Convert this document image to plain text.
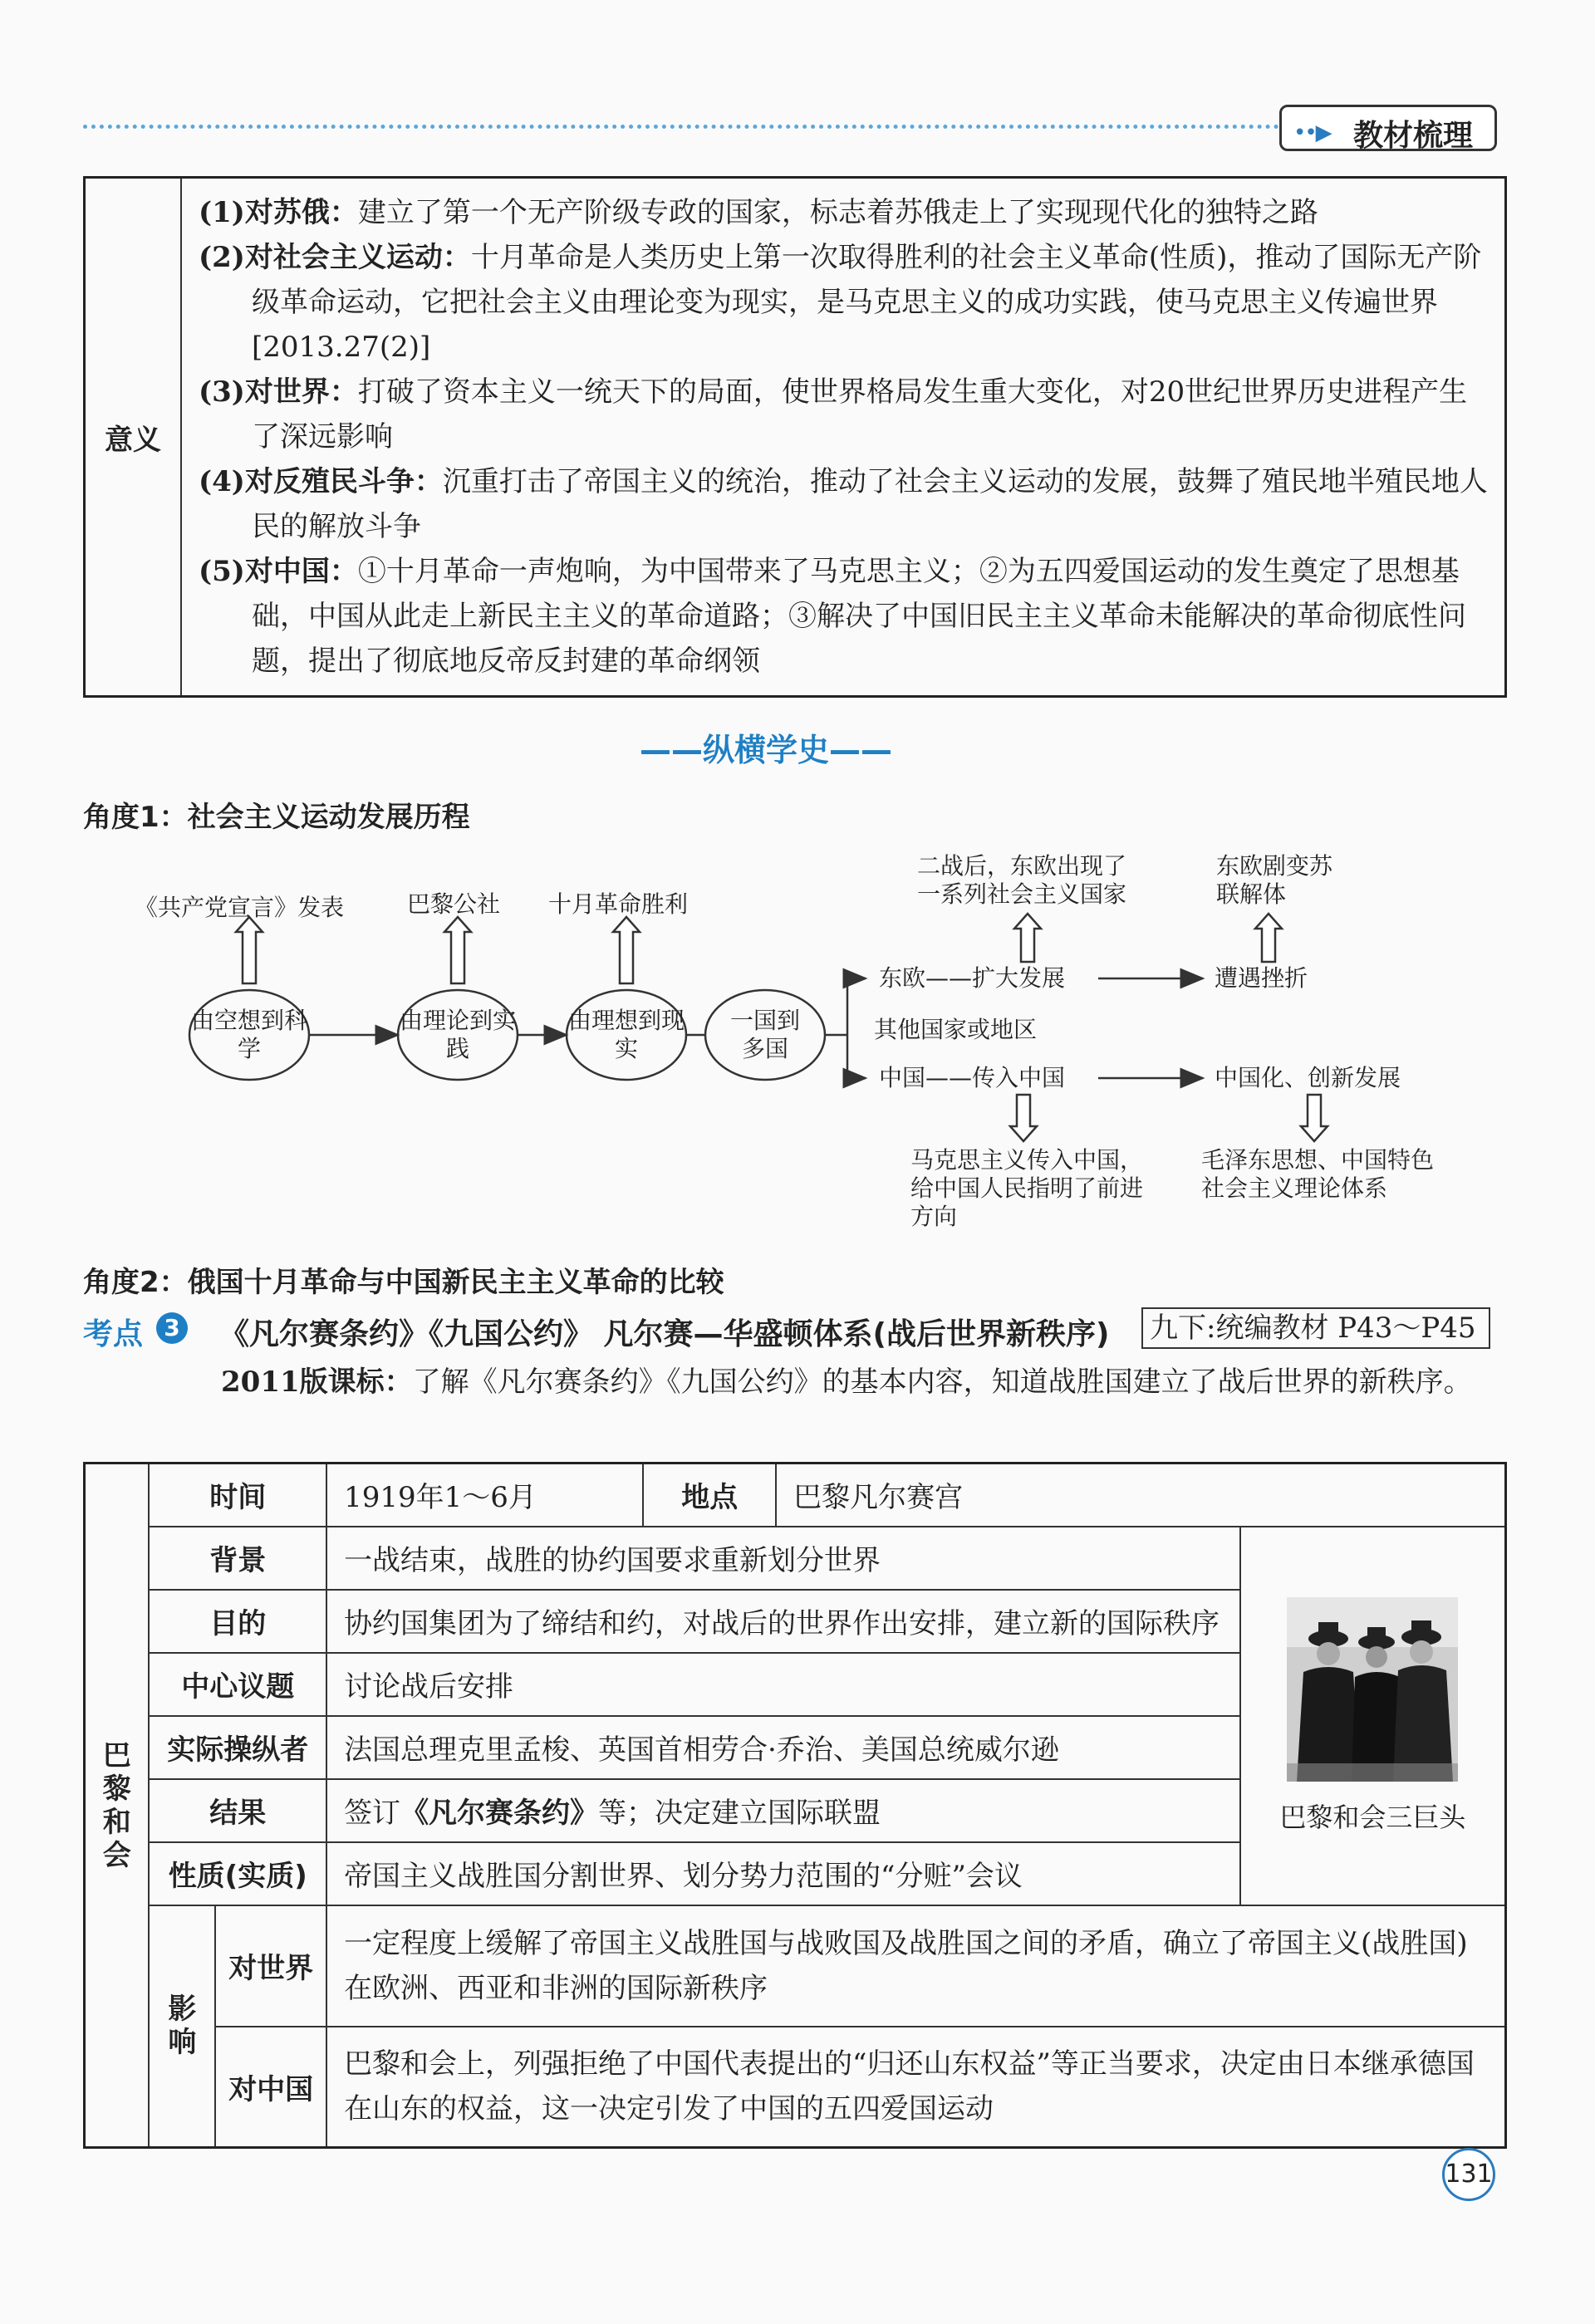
••▶ 教材梳理
意义	
(1)对苏俄：建立了第一个无产阶级专政的国家，标志着苏俄走上了实现现代化的独特之路
(2)对社会主义运动：十月革命是人类历史上第一次取得胜利的社会主义革命(性质)，推动了国际无产阶级革命运动，它把社会主义由理论变为现实，是马克思主义的成功实践，使马克思主义传遍世界[2013.27(2)]
(3)对世界：打破了资本主义一统天下的局面，使世界格局发生重大变化，对20世纪世界历史进程产生了深远影响
(4)对反殖民斗争：沉重打击了帝国主义的统治，推动了社会主义运动的发展，鼓舞了殖民地半殖民地人民的解放斗争
(5)对中国：①十月革命一声炮响，为中国带来了马克思主义；②为五四爱国运动的发生奠定了思想基础，中国从此走上新民主主义的革命道路；③解决了中国旧民主主义革命未能解决的革命彻底性问题，提出了彻底地反帝反封建的革命纲领
——纵横学史——
角度1：社会主义运动发展历程
由空想到科学
由理论到实践
由理想到现实
一国到多国
《共产党宣言》发表	巴黎公社 十月革命胜利
二战后，东欧出现了一系列社会主义国家
东欧剧变苏联解体
东欧——扩大发展	遭遇挫折
其他国家或地区
中国——传入中国	中国化、创新发展
马克思主义传入中国，给中国人民指明了前进方向
毛泽东思想、中国特色社会主义理论体系
角度2：俄国十月革命与中国新民主主义革命的比较
考点 3 《凡尔赛条约》《九国公约》 凡尔赛—华盛顿体系(战后世界新秩序) 九下:统编教材 P43～P45
2011版课标：了解《凡尔赛条约》《九国公约》的基本内容，知道战胜国建立了战后世界的新秩序。
巴黎和会	时间		1919年1～6月	地点	巴黎凡尔赛宫	
	背景		一战结束，战胜的协约国要求重新划分世界			巴黎和会三巨头

	目的		协约国集团为了缔结和约，对战后的世界作出安排，建立新的国际秩序			
	中心议题		讨论战后安排			
	实际操纵者		法国总理克里孟梭、英国首相劳合·乔治、美国总统威尔逊			
	结果		签订《凡尔赛条约》等；决定建立国际联盟			
	性质(实质)		帝国主义战胜国分割世界、划分势力范围的“分赃”会议			

	影响	对世界	一定程度上缓解了帝国主义战胜国与战败国及战胜国之间的矛盾，确立了帝国主义(战胜国)在欧洲、西亚和非洲的国际新秩序			
		对中国	巴黎和会上，列强拒绝了中国代表提出的“归还山东权益”等正当要求，决定由日本继承德国在山东的权益，这一决定引发了中国的五四爱国运动			
131
